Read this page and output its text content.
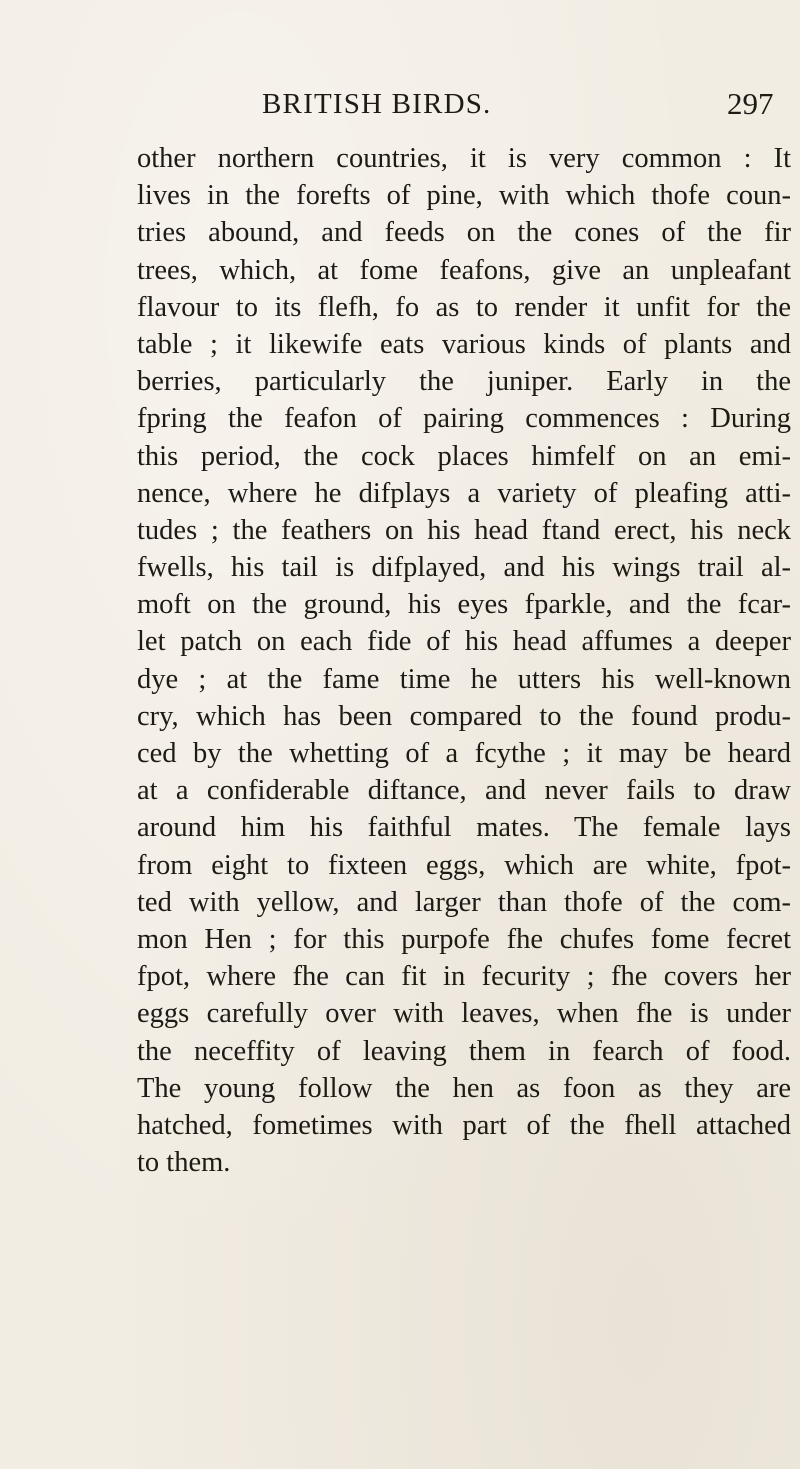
BRITISH BIRDS.	297
other northern countries, it is very common : It
lives in the forefts of pine, with which thofe coun-
tries abound, and feeds on the cones of the fir
trees, which, at fome feafons, give an unpleafant
flavour to its flefh, fo as to render it unfit for the
table ; it likewife eats various kinds of plants and
berries, particularly the juniper. Early in the
fpring the feafon of pairing commences : During
this period, the cock places himfelf on an emi-
nence, where he difplays a variety of pleafing atti-
tudes ; the feathers on his head ftand erect, his neck
fwells, his tail is difplayed, and his wings trail al-
moft on the ground, his eyes fparkle, and the fcar-
let patch on each fide of his head affumes a deeper
dye ; at the fame time he utters his well-known
cry, which has been compared to the found produ-
ced by the whetting of a fcythe ; it may be heard
at a confiderable diftance, and never fails to draw
around him his faithful mates. The female lays
from eight to fixteen eggs, which are white, fpot-
ted with yellow, and larger than thofe of the com-
mon Hen ; for this purpofe fhe chufes fome fecret
fpot, where fhe can fit in fecurity ; fhe covers her
eggs carefully over with leaves, when fhe is under
the neceffity of leaving them in fearch of food.
The young follow the hen as foon as they are
hatched, fometimes with part of the fhell attached
to them.
